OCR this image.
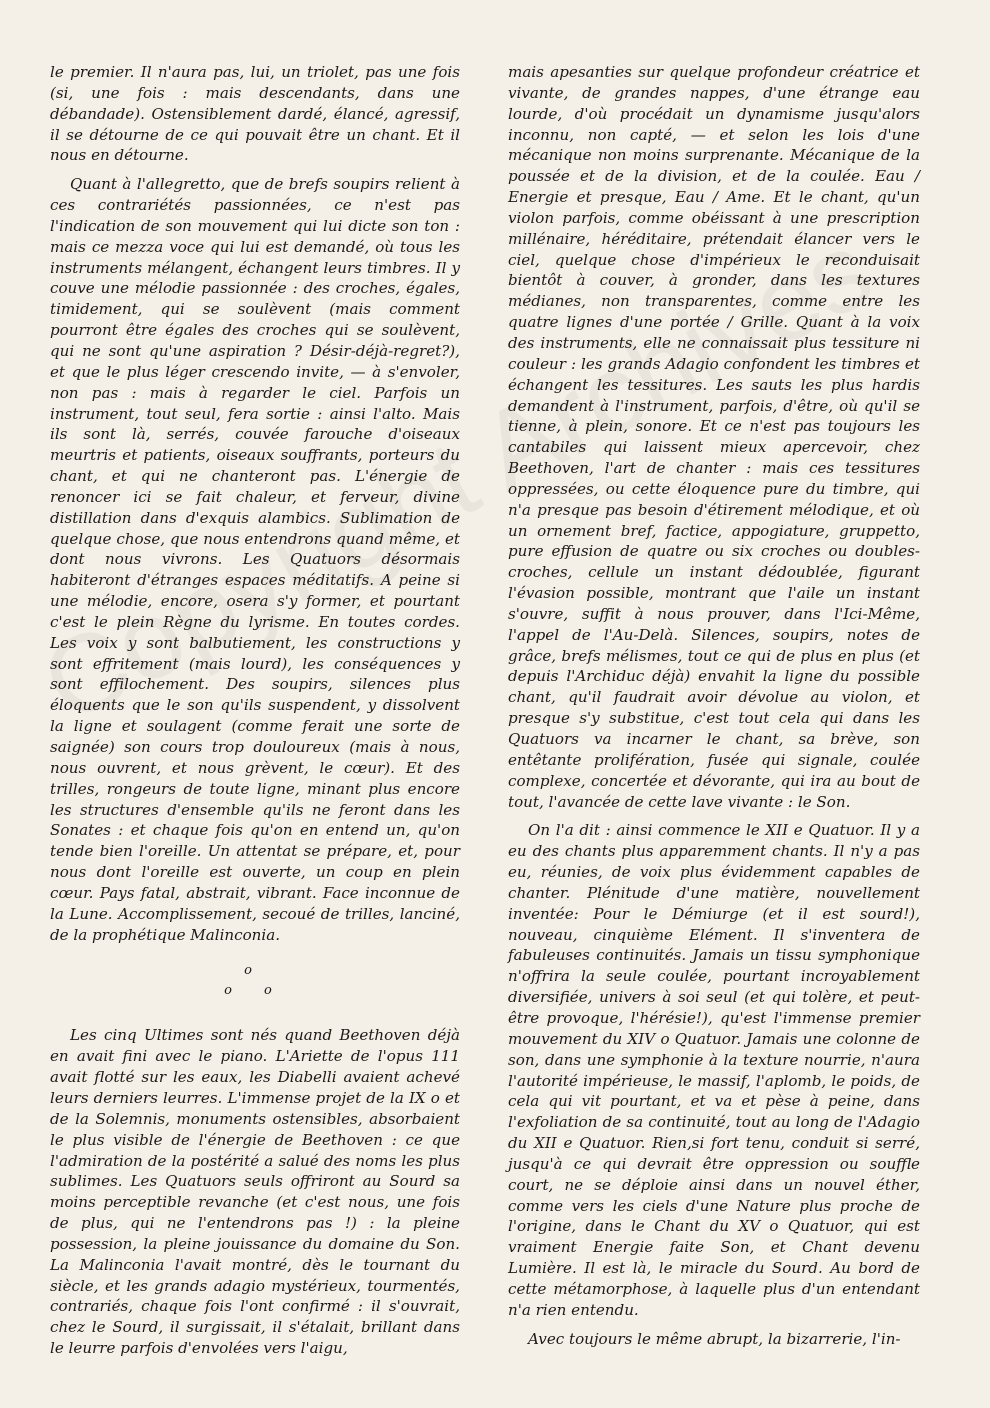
le premier. Il n'aura pas, lui, un triolet, pas une fois (si, une fois : mais descendants, dans une débandade). Ostensiblement dardé, élancé, agressif, il se détourne de ce qui pouvait être un chant. Et il nous en détourne.

Quant à l'allegretto, que de brefs soupirs relient à ces contrariétés passionnées, ce n'est pas l'indication de son mouvement qui lui dicte son ton : mais ce mezza voce qui lui est demandé, où tous les instruments mélangent, échangent leurs timbres. Il y couve une mélodie passionnée : des croches, égales, timidement, qui se soulèvent (mais comment pourront être égales des croches qui se soulèvent, qui ne sont qu'une aspiration ? Désir-déjà-regret?), et que le plus léger crescendo invite, — à s'envoler, non pas : mais à regarder le ciel. Parfois un instrument, tout seul, fera sortie : ainsi l'alto. Mais ils sont là, serrés, couvée farouche d'oiseaux meurtris et patients, oiseaux souffrants, porteurs du chant, et qui ne chanteront pas. L'énergie de renoncer ici se fait chaleur, et ferveur, divine distillation dans d'exquis alambics. Sublimation de quelque chose, que nous entendrons quand même, et dont nous vivrons. Les Quatuors désormais habiteront d'étranges espaces méditatifs. A peine si une mélodie, encore, osera s'y former, et pourtant c'est le plein Règne du lyrisme. En toutes cordes. Les voix y sont balbutiement, les constructions y sont effritement (mais lourd), les conséquences y sont effilochement. Des soupirs, silences plus éloquents que le son qu'ils suspendent, y dissolvent la ligne et soulagent (comme ferait une sorte de saignée) son cours trop douloureux (mais à nous, nous ouvrent, et nous grèvent, le cœur). Et des trilles, rongeurs de toute ligne, minant plus encore les structures d'ensemble qu'ils ne feront dans les Sonates : et chaque fois qu'on en entend un, qu'on tende bien l'oreille. Un attentat se prépare, et, pour nous dont l'oreille est ouverte, un coup en plein cœur. Pays fatal, abstrait, vibrant. Face inconnue de la Lune. Accomplissement, secoué de trilles, lanciné, de la prophétique Malinconia.

o
o o

Les cinq Ultimes sont nés quand Beethoven déjà en avait fini avec le piano. L'Ariette de l'opus 111 avait flotté sur les eaux, les Diabelli avaient achevé leurs derniers leurres. L'immense projet de la IX o et de la Solemnis, monuments ostensibles, absorbaient le plus visible de l'énergie de Beethoven : ce que l'admiration de la postérité a salué des noms les plus sublimes. Les Quatuors seuls offriront au Sourd sa moins perceptible revanche (et c'est nous, une fois de plus, qui ne l'entendrons pas !) : la pleine possession, la pleine jouissance du domaine du Son. La Malinconia l'avait montré, dès le tournant du siècle, et les grands adagio mystérieux, tourmentés, contrariés, chaque fois l'ont confirmé : il s'ouvrait, chez le Sourd, il surgissait, il s'étalait, brillant dans le leurre parfois d'envolées vers l'aigu,

mais apesanties sur quelque profondeur créatrice et vivante, de grandes nappes, d'une étrange eau lourde, d'où procédait un dynamisme jusqu'alors inconnu, non capté, — et selon les lois d'une mécanique non moins surprenante. Mécanique de la poussée et de la division, et de la coulée. Eau / Energie et presque, Eau / Ame. Et le chant, qu'un violon parfois, comme obéissant à une prescription millénaire, héréditaire, prétendait élancer vers le ciel, quelque chose d'impérieux le reconduisait bientôt à couver, à gronder, dans les textures médianes, non transparentes, comme entre les quatre lignes d'une portée / Grille. Quant à la voix des instruments, elle ne connaissait plus tessiture ni couleur : les grands Adagio confondent les timbres et échangent les tessitures. Les sauts les plus hardis demandent à l'instrument, parfois, d'être, où qu'il se tienne, à plein, sonore. Et ce n'est pas toujours les cantabiles qui laissent mieux apercevoir, chez Beethoven, l'art de chanter : mais ces tessitures oppressées, ou cette éloquence pure du timbre, qui n'a presque pas besoin d'étirement mélodique, et où un ornement bref, factice, appogiature, gruppetto, pure effusion de quatre ou six croches ou doubles-croches, cellule un instant dédoublée, figurant l'évasion possible, montrant que l'aile un instant s'ouvre, suffit à nous prouver, dans l'Ici-Même, l'appel de l'Au-Delà. Silences, soupirs, notes de grâce, brefs mélismes, tout ce qui de plus en plus (et depuis l'Archiduc déjà) envahit la ligne du possible chant, qu'il faudrait avoir dévolue au violon, et presque s'y substitue, c'est tout cela qui dans les Quatuors va incarner le chant, sa brève, son entêtante prolifération, fusée qui signale, coulée complexe, concertée et dévorante, qui ira au bout de tout, l'avancée de cette lave vivante : le Son.

On l'a dit : ainsi commence le XII e Quatuor. Il y a eu des chants plus apparemment chants. Il n'y a pas eu, réunies, de voix plus évidemment capables de chanter. Plénitude d'une matière, nouvellement inventée: Pour le Démiurge (et il est sourd!), nouveau, cinquième Elément. Il s'inventera de fabuleuses continuités. Jamais un tissu symphonique n'offrira la seule coulée, pourtant incroyablement diversifiée, univers à soi seul (et qui tolère, et peut-être provoque, l'hérésie!), qu'est l'immense premier mouvement du XIV o Quatuor. Jamais une colonne de son, dans une symphonie à la texture nourrie, n'aura l'autorité impérieuse, le massif, l'aplomb, le poids, de cela qui vit pourtant, et va et pèse à peine, dans l'exfoliation de sa continuité, tout au long de l'Adagio du XII e Quatuor. Rien,si fort tenu, conduit si serré, jusqu'à ce qui devrait être oppression ou souffle court, ne se déploie ainsi dans un nouvel éther, comme vers les ciels d'une Nature plus proche de l'origine, dans le Chant du XV o Quatuor, qui est vraiment Energie faite Son, et Chant devenu Lumière. Il est là, le miracle du Sourd. Au bord de cette métamorphose, à laquelle plus d'un entendant n'a rien entendu.

Avec toujours le même abrupt, la bizarrerie, l'in-
